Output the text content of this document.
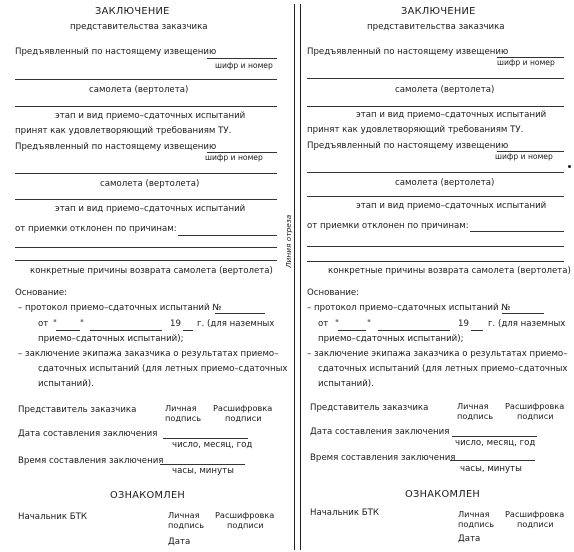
Линия отреза
ЗАКЛЮЧЕНИЕ
представительства заказчика
Предъявленный по настоящему извещению
шифр и номер
самолета (вертолета)
этап и вид приемо–сдаточных испытаний
принят как удовлетворяющий требованиям ТУ.
Предъявленный по настоящему извещению
шифр и номер
самолета (вертолета)
этап и вид приемо–сдаточных испытаний
от приемки отклонен по причинам:
конкретные причины возврата самолета (вертолета)
Основание:
– протокол приемо–сдаточных испытаний №
от "	"	19 г. (для наземных
приемо–сдаточных испытаний);
– заключение экипажа заказчика о результатах приемо–
сдаточных испытаний (для летных приемо–сдаточных
испытаний).
Представитель заказчика	Личная
подпись
Расшифровка
подписи
Дата составления заключения
число, месяц, год
Время составления заключения
часы, минуты
ОЗНАКОМЛЕН
Начальник БТК	Личная
подпись
Расшифровка
подписи
Дата
ЗАКЛЮЧЕНИЕ
представительства заказчика
Предъявленный по настоящему извещению
шифр и номер
самолета (вертолета)
этап и вид приемо–сдаточных испытаний
принят как удовлетворяющий требованиям ТУ.
Предъявленный по настоящему извещению
шифр и номер
самолета (вертолета)
этап и вид приемо–сдаточных испытаний
от приемки отклонен по причинам:
конкретные причины возврата самолета (вертолета)
Основание:
– протокол приемо–сдаточных испытаний №
от "	"	19 г. (для наземных
приемо–сдаточных испытаний);
– заключение экипажа заказчика о результатах приемо–
сдаточных испытаний (для летных приемо–сдаточных
испытаний).
Представитель заказчика	Личная
подпись
Расшифровка
подписи
Дата составления заключения
число, месяц, год
Время составления заключения
часы, минуты
ОЗНАКОМЛЕН
Начальник БТК	Личная
подпись
Расшифровка
подписи
Дата
